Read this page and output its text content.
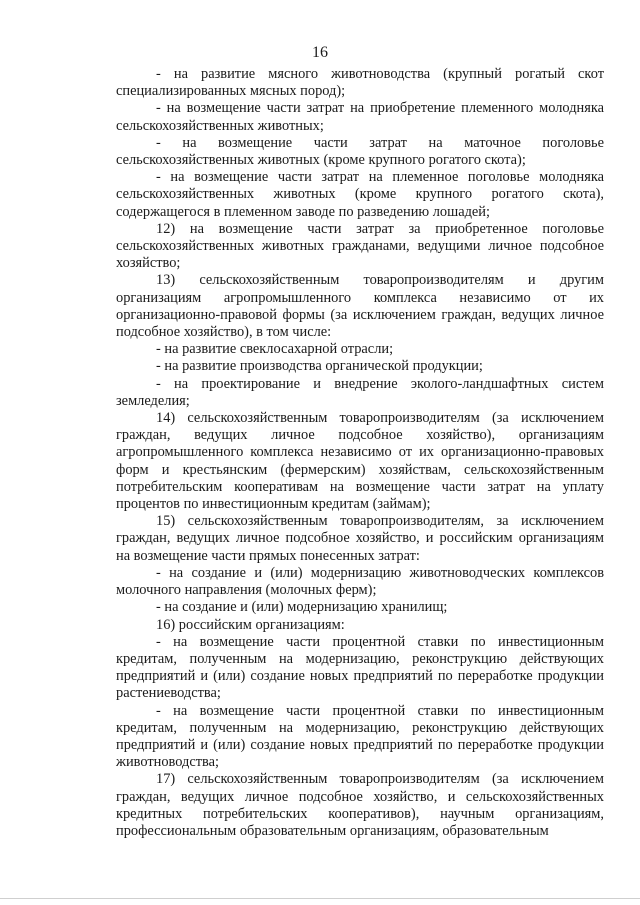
16

- на развитие мясного животноводства (крупный рогатый скот специализированных мясных пород);

- на возмещение части затрат на приобретение племенного молодняка сельскохозяйственных животных;

- на возмещение части затрат на маточное поголовье сельскохозяйственных животных (кроме крупного рогатого скота);

- на возмещение части затрат на племенное поголовье молодняка сельскохозяйственных животных (кроме крупного рогатого скота), содержащегося в племенном заводе по разведению лошадей;

12) на возмещение части затрат за приобретенное поголовье сельскохозяйственных животных гражданами, ведущими личное подсобное хозяйство;

13) сельскохозяйственным товаропроизводителям и другим организациям агропромышленного комплекса независимо от их организационно-правовой формы (за исключением граждан, ведущих личное подсобное хозяйство), в том числе:

- на развитие свеклосахарной отрасли;

- на развитие производства органической продукции;

- на проектирование и внедрение эколого-ландшафтных систем земледелия;

14) сельскохозяйственным товаропроизводителям (за исключением граждан, ведущих личное подсобное хозяйство), организациям агропромышленного комплекса независимо от их организационно-правовых форм и крестьянским (фермерским) хозяйствам, сельскохозяйственным потребительским кооперативам на возмещение части затрат на уплату процентов по инвестиционным кредитам (займам);

15) сельскохозяйственным товаропроизводителям, за исключением граждан, ведущих личное подсобное хозяйство, и российским организациям на возмещение части прямых понесенных затрат:

- на создание и (или) модернизацию животноводческих комплексов молочного направления (молочных ферм);

- на создание и (или) модернизацию хранилищ;

16) российским организациям:

- на возмещение части процентной ставки по инвестиционным кредитам, полученным на модернизацию, реконструкцию действующих предприятий и (или) создание новых предприятий по переработке продукции растениеводства;

- на возмещение части процентной ставки по инвестиционным кредитам, полученным на модернизацию, реконструкцию действующих предприятий и (или) создание новых предприятий по переработке продукции животноводства;

17) сельскохозяйственным товаропроизводителям (за исключением граждан, ведущих личное подсобное хозяйство, и сельскохозяйственных кредитных потребительских кооперативов), научным организациям, профессиональным образовательным организациям, образовательным
